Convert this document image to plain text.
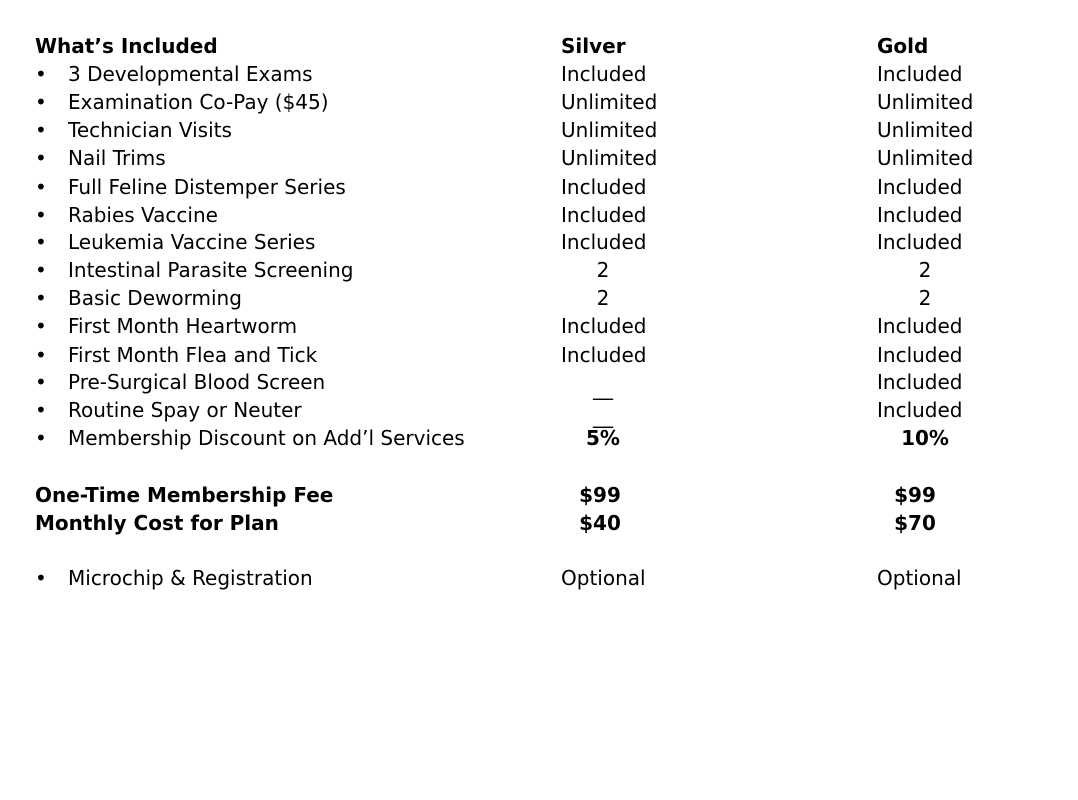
What’s Included	Silver	Gold
• 3 Developmental Exams	Included	Included
• Examination Co-Pay ($45)	Unlimited	Unlimited
• Technician Visits	Unlimited	Unlimited
• Nail Trims	Unlimited	Unlimited
• Full Feline Distemper Series	Included	Included
• Rabies Vaccine	Included	Included
• Leukemia Vaccine Series	Included	Included
• Intestinal Parasite Screening	2	2
• Basic Deworming	2	2
• First Month Heartworm	Included	Included
• First Month Flea and Tick	Included	Included
• Pre-Surgical Blood Screen	__	Included
• Routine Spay or Neuter	__	Included
• Membership Discount on Add’l Services	5%	10%
One-Time Membership Fee	$99	$99
Monthly Cost for Plan	$40	$70
• Microchip & Registration	Optional	Optional
